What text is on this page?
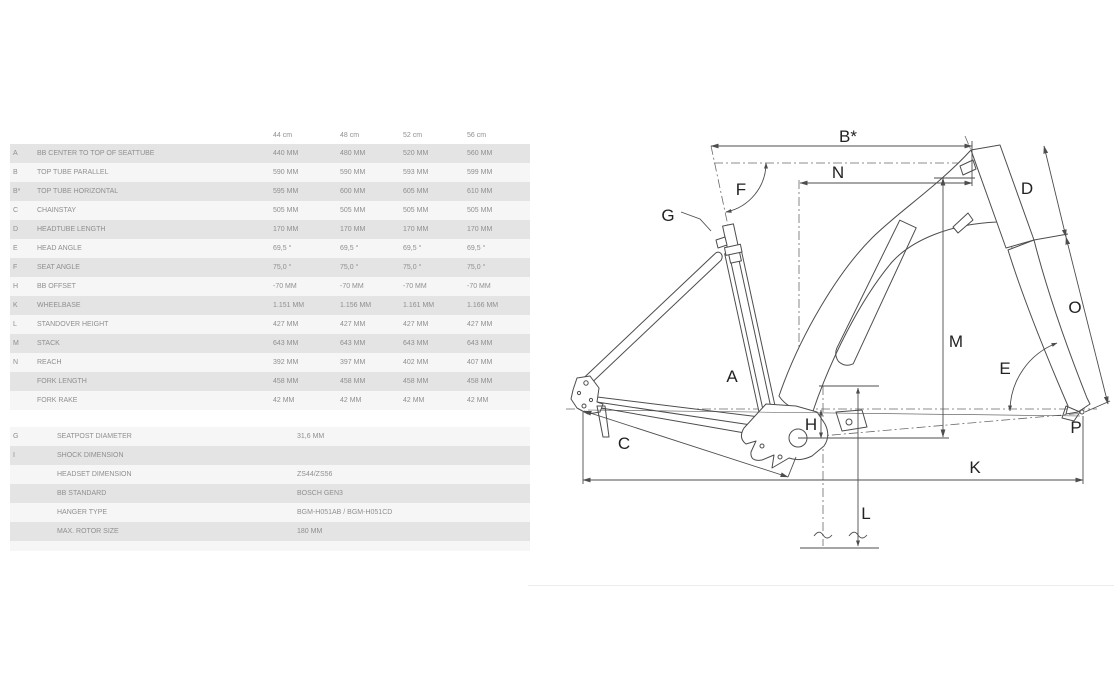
44 cm	48 cm	52 cm	56 cm
A	BB CENTER TO TOP OF SEATTUBE	440 MM	480 MM	520 MM	560 MM
B	TOP TUBE PARALLEL	590 MM	590 MM	593 MM	599 MM
B*	TOP TUBE HORIZONTAL	595 MM	600 MM	605 MM	610 MM
C	CHAINSTAY	505 MM	505 MM	505 MM	505 MM
D	HEADTUBE LENGTH	170 MM	170 MM	170 MM	170 MM
E	HEAD ANGLE	69,5 °	69,5 °	69,5 °	69,5 °
F	SEAT ANGLE	75,0 °	75,0 °	75,0 °	75,0 °
H	BB OFFSET	-70 MM	-70 MM	-70 MM	-70 MM
K	WHEELBASE	1.151 MM	1.156 MM	1.161 MM	1.166 MM
L	STANDOVER HEIGHT	427 MM	427 MM	427 MM	427 MM
M	STACK	643 MM	643 MM	643 MM	643 MM
N	REACH	392 MM	397 MM	402 MM	407 MM
FORK LENGTH	458 MM	458 MM	458 MM	458 MM
FORK RAKE	42 MM	42 MM	42 MM	42 MM
G	SEATPOST DIAMETER	31,6 MM
I	SHOCK DIMENSION
HEADSET DIMENSION	ZS44/ZS56
BB STANDARD	BOSCH GEN3
HANGER TYPE	BGM-H051AB / BGM-H051CD
MAX. ROTOR SIZE	180 MM
A
B*
C
D
E
F
G
H
K
L
M
N
O
P
